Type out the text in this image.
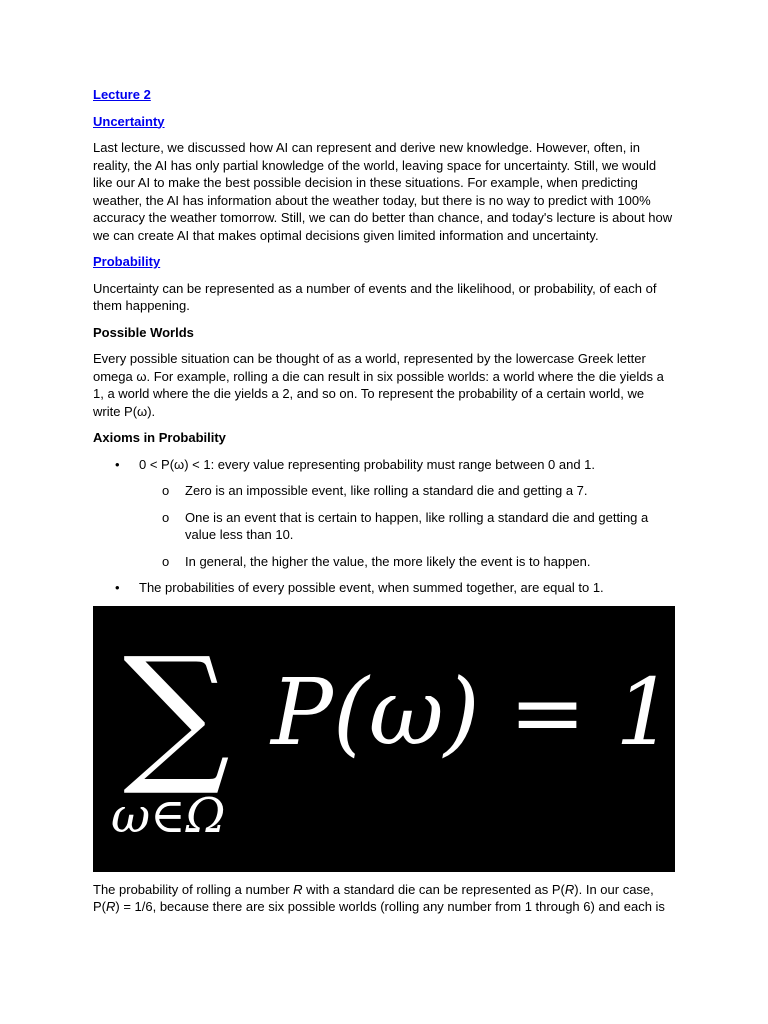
Lecture 2

Uncertainty

Last lecture, we discussed how AI can represent and derive new knowledge. However, often, in reality, the AI has only partial knowledge of the world, leaving space for uncertainty. Still, we would like our AI to make the best possible decision in these situations. For example, when predicting weather, the AI has information about the weather today, but there is no way to predict with 100% accuracy the weather tomorrow. Still, we can do better than chance, and today's lecture is about how we can create AI that makes optimal decisions given limited information and uncertainty.

Probability

Uncertainty can be represented as a number of events and the likelihood, or probability, of each of them happening.

Possible Worlds

Every possible situation can be thought of as a world, represented by the lowercase Greek letter omega ω. For example, rolling a die can result in six possible worlds: a world where the die yields a 1, a world where the die yields a 2, and so on. To represent the probability of a certain world, we write P(ω).

Axioms in Probability

• 0 < P(ω) < 1: every value representing probability must range between 0 and 1.
o Zero is an impossible event, like rolling a standard die and getting a 7.
o One is an event that is certain to happen, like rolling a standard die and getting a value less than 10.
o In general, the higher the value, the more likely the event is to happen.
• The probabilities of every possible event, when summed together, are equal to 1.
∑ P(ω) = 1
ω∈Ω

The probability of rolling a number R with a standard die can be represented as P(R). In our case, P(R) = 1/6, because there are six possible worlds (rolling any number from 1 through 6) and each is
